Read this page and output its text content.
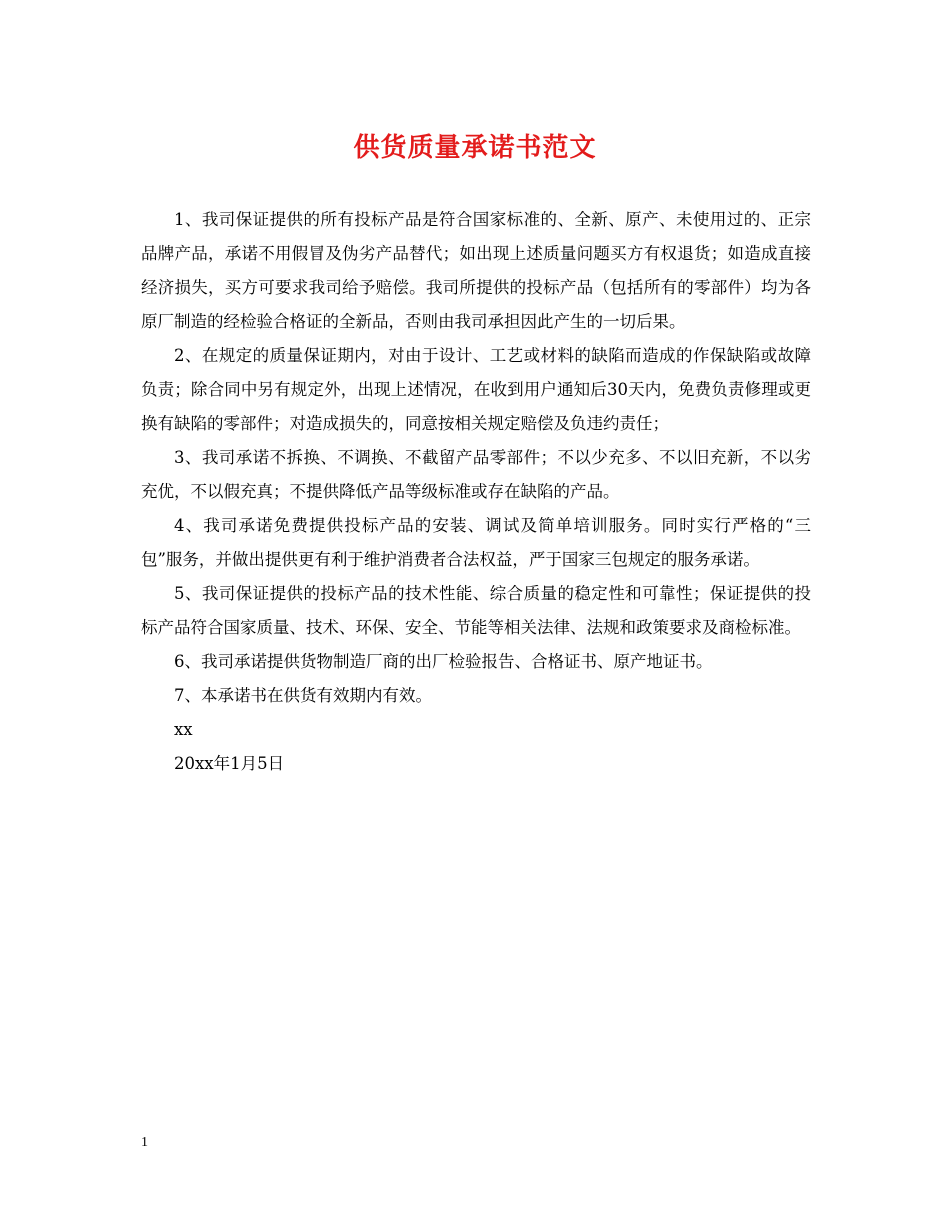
供货质量承诺书范文

1、我司保证提供的所有投标产品是符合国家标准的、全新、原产、未使用过的、正宗品牌产品，承诺不用假冒及伪劣产品替代；如出现上述质量问题买方有权退货；如造成直接经济损失，买方可要求我司给予赔偿。我司所提供的投标产品（包括所有的零部件）均为各原厂制造的经检验合格证的全新品，否则由我司承担因此产生的一切后果。

2、在规定的质量保证期内，对由于设计、工艺或材料的缺陷而造成的作保缺陷或故障负责；除合同中另有规定外，出现上述情况，在收到用户通知后30天内，免费负责修理或更换有缺陷的零部件；对造成损失的，同意按相关规定赔偿及负违约责任；

3、我司承诺不拆换、不调换、不截留产品零部件；不以少充多、不以旧充新，不以劣充优，不以假充真；不提供降低产品等级标准或存在缺陷的产品。

4、我司承诺免费提供投标产品的安装、调试及简单培训服务。同时实行严格的“三包”服务，并做出提供更有利于维护消费者合法权益，严于国家三包规定的服务承诺。

5、我司保证提供的投标产品的技术性能、综合质量的稳定性和可靠性；保证提供的投标产品符合国家质量、技术、环保、安全、节能等相关法律、法规和政策要求及商检标准。

6、我司承诺提供货物制造厂商的出厂检验报告、合格证书、原产地证书。

7、本承诺书在供货有效期内有效。

xx

20xx年1月5日

1
